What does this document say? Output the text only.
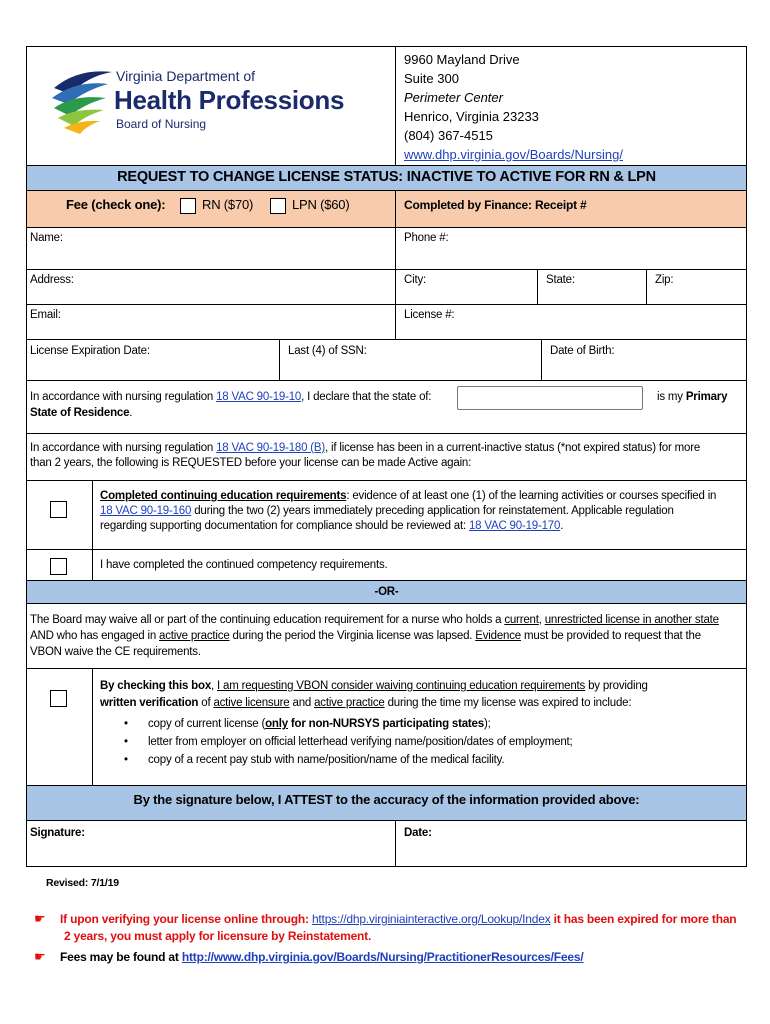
Virginia Department of
Health Professions
Board of Nursing
9960 Mayland Drive
Suite 300
Perimeter Center
Henrico, Virginia 23233
(804) 367-4515
www.dhp.virginia.gov/Boards/Nursing/
REQUEST TO CHANGE LICENSE STATUS: INACTIVE TO ACTIVE FOR RN & LPN
Fee (check one):	RN ($70)	LPN ($60)	Completed by Finance: Receipt #
Name:	Phone #:
Address:	City:	State:	Zip:
Email:	License #:
License Expiration Date:	Last (4) of SSN:	Date of Birth:
In accordance with nursing regulation 18 VAC 90-19-10, I declare that the state of:	is my Primary
State of Residence.
In accordance with nursing regulation 18 VAC 90-19-180 (B), if license has been in a current-inactive status (*not expired status) for more
than 2 years, the following is REQUESTED before your license can be made Active again:
Completed continuing education requirements: evidence of at least one (1) of the learning activities or courses specified in
18 VAC 90-19-160 during the two (2) years immediately preceding application for reinstatement. Applicable regulation
regarding supporting documentation for compliance should be reviewed at: 18 VAC 90-19-170.
I have completed the continued competency requirements.
-OR-
The Board may waive all or part of the continuing education requirement for a nurse who holds a current, unrestricted license in another state
AND who has engaged in active practice during the period the Virginia license was lapsed. Evidence must be provided to request that the
VBON waive the CE requirements.
By checking this box, I am requesting VBON consider waiving continuing education requirements by providing
written verification of active licensure and active practice during the time my license was expired to include:
• copy of current license (only for non-NURSYS participating states);
• letter from employer on official letterhead verifying name/position/dates of employment;
• copy of a recent pay stub with name/position/name of the medical facility.
By the signature below, I ATTEST to the accuracy of the information provided above:
Signature:	Date:
Revised: 7/1/19
☛ If upon verifying your license online through: https://dhp.virginiainteractive.org/Lookup/Index it has been expired for more than
2 years, you must apply for licensure by Reinstatement.
☛ Fees may be found at http://www.dhp.virginia.gov/Boards/Nursing/PractitionerResources/Fees/
